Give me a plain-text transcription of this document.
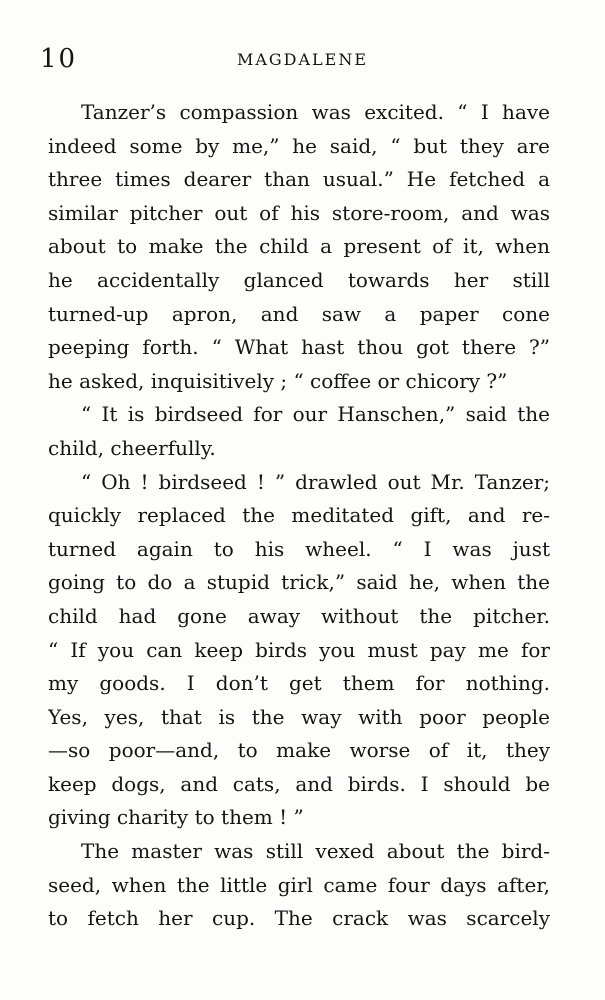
10	MAGDALENE
Tanzer’s compassion was excited. “ I have
indeed some by me,” he said, “ but they are
three times dearer than usual.” He fetched a
similar pitcher out of his store-room, and was
about to make the child a present of it, when
he accidentally glanced towards her still
turned-up apron, and saw a paper cone
peeping forth. “ What hast thou got there ?”
he asked, inquisitively ; “ coffee or chicory ?”
“ It is birdseed for our Hanschen,” said the
child, cheerfully.
“ Oh ! birdseed ! ” drawled out Mr. Tanzer;
quickly replaced the meditated gift, and re-
turned again to his wheel. “ I was just
going to do a stupid trick,” said he, when the
child had gone away without the pitcher.
“ If you can keep birds you must pay me for
my goods. I don’t get them for nothing.
Yes, yes, that is the way with poor people
—so poor—and, to make worse of it, they
keep dogs, and cats, and birds. I should be
giving charity to them ! ”
The master was still vexed about the bird-
seed, when the little girl came four days after,
to fetch her cup. The crack was scarcely
